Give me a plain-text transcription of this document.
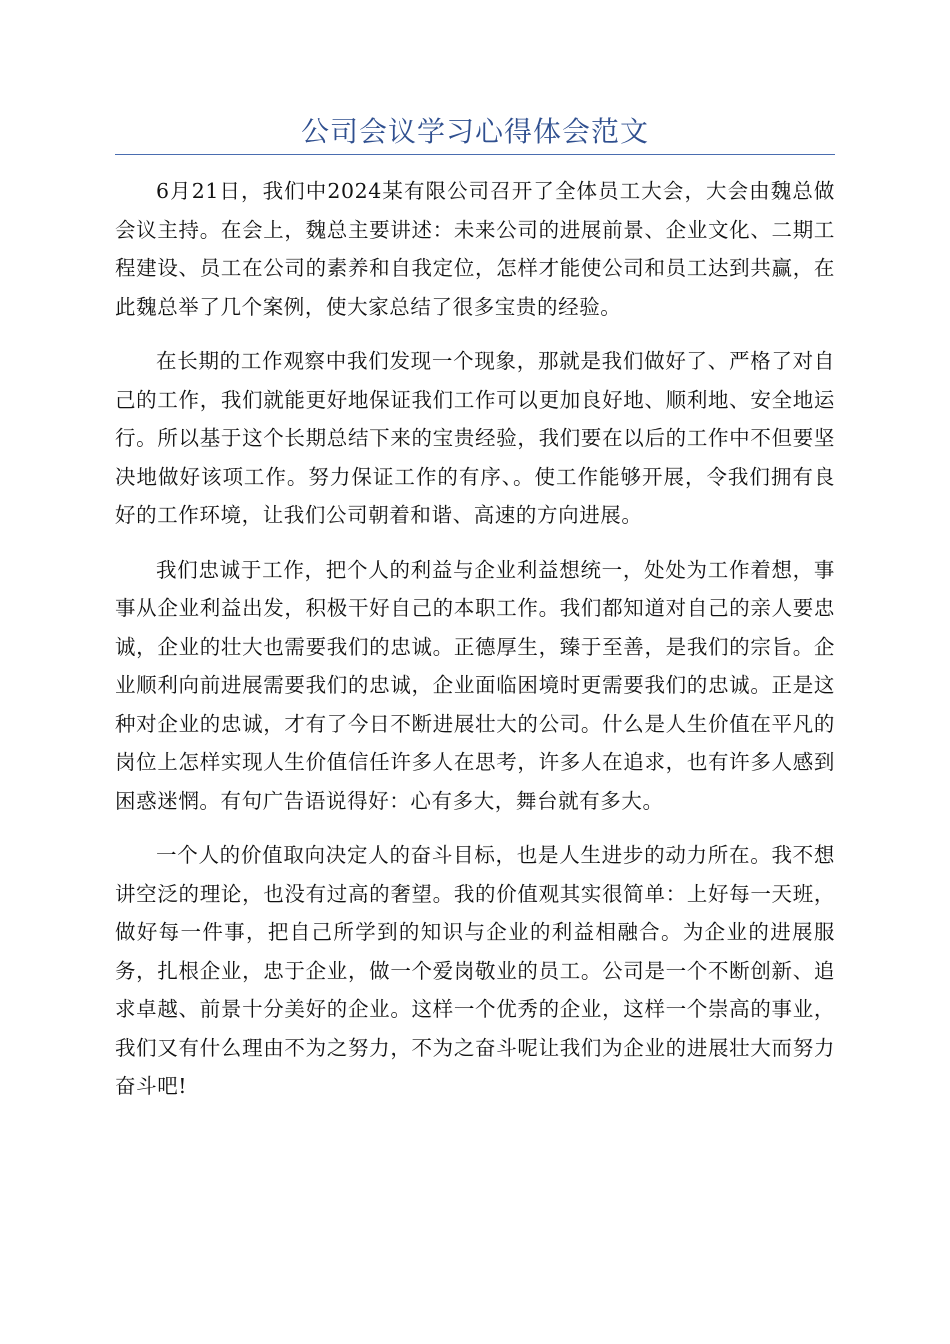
公司会议学习心得体会范文

6月21日，我们中2024某有限公司召开了全体员工大会，大会由魏总做会议主持。在会上，魏总主要讲述：未来公司的进展前景、企业文化、二期工程建设、员工在公司的素养和自我定位，怎样才能使公司和员工达到共赢，在此魏总举了几个案例，使大家总结了很多宝贵的经验。

在长期的工作观察中我们发现一个现象，那就是我们做好了、严格了对自己的工作，我们就能更好地保证我们工作可以更加良好地、顺利地、安全地运行。所以基于这个长期总结下来的宝贵经验，我们要在以后的工作中不但要坚决地做好该项工作。努力保证工作的有序、。使工作能够开展，令我们拥有良好的工作环境，让我们公司朝着和谐、高速的方向进展。

我们忠诚于工作，把个人的利益与企业利益想统一，处处为工作着想，事事从企业利益出发，积极干好自己的本职工作。我们都知道对自己的亲人要忠诚，企业的壮大也需要我们的忠诚。正德厚生，臻于至善，是我们的宗旨。企业顺利向前进展需要我们的忠诚，企业面临困境时更需要我们的忠诚。正是这种对企业的忠诚，才有了今日不断进展壮大的公司。什么是人生价值在平凡的岗位上怎样实现人生价值信任许多人在思考，许多人在追求，也有许多人感到困惑迷惘。有句广告语说得好：心有多大，舞台就有多大。

一个人的价值取向决定人的奋斗目标，也是人生进步的动力所在。我不想讲空泛的理论，也没有过高的奢望。我的价值观其实很简单：上好每一天班，做好每一件事，把自己所学到的知识与企业的利益相融合。为企业的进展服务，扎根企业，忠于企业，做一个爱岗敬业的员工。公司是一个不断创新、追求卓越、前景十分美好的企业。这样一个优秀的企业，这样一个崇高的事业，我们又有什么理由不为之努力，不为之奋斗呢让我们为企业的进展壮大而努力奋斗吧!
